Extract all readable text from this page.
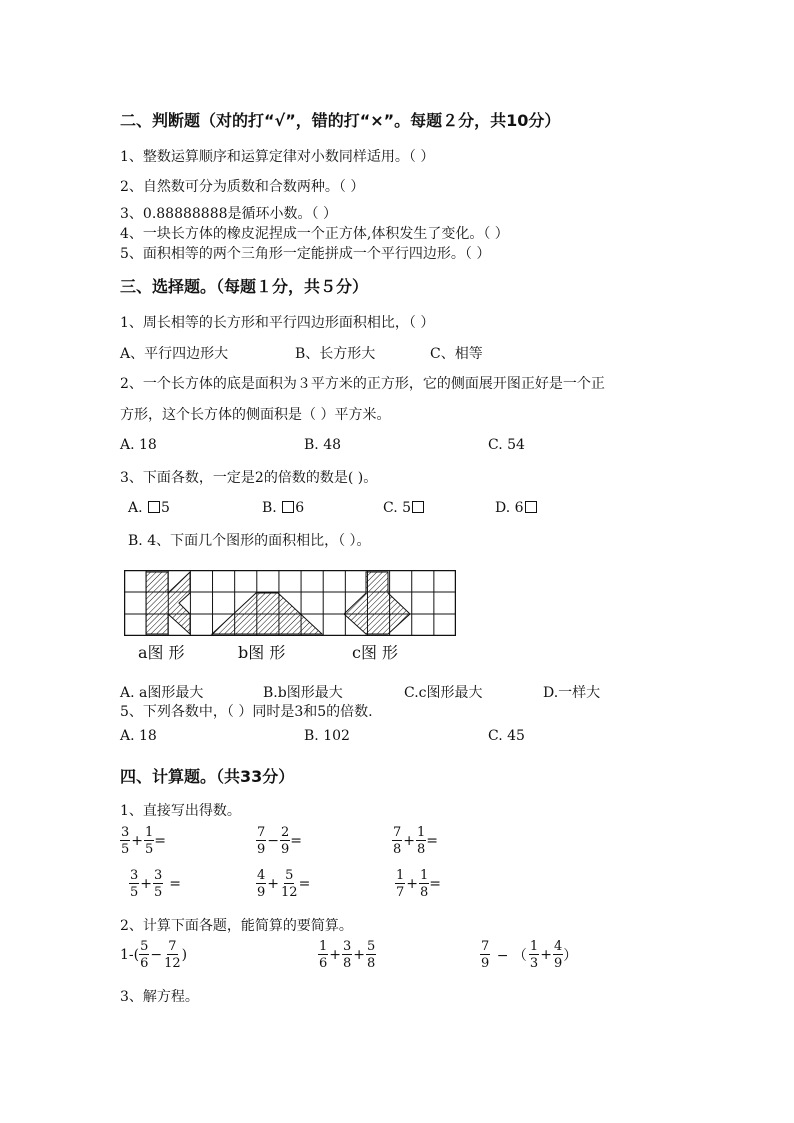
二、判断题（对的打“√”，错的打“×”。每题２分，共10分）
1、整数运算顺序和运算定律对小数同样适用。（ ）
2、自然数可分为质数和合数两种。（ ）
3、0.88888888是循环小数。（ ）
4、一块长方体的橡皮泥捏成一个正方体,体积发生了变化。（ ）
5、面积相等的两个三角形一定能拼成一个平行四边形。（ ）
三、选择题。（每题１分，共５分）
1、周长相等的长方形和平行四边形面积相比，（ ）
A、平行四边形大	B、长方形大	C、相等
2、一个长方体的底是面积为３平方米的正方形，它的侧面展开图正好是一个正
方形，这个长方体的侧面积是（ ）平方米。
A. 18	B. 48	C. 54
3、下面各数，一定是2的倍数的数是( )。
A. 5	B. 6	C. 5	D. 6
B. 4、下面几个图形的面积相比，（ ）。
a图 形	b图 形	c图 形
A. a图形最大	B.b图形最大	C.c图形最大	D.一样大
5、下列各数中，（ ）同时是3和5的倍数.
A. 18	B. 102	C. 45
四、计算题。（共33分）
1、直接写出得数。
$\frac{3}{5} + \frac{1}{5}$ =	$\frac{7}{9} - \frac{2}{9}$ =	$\frac{7}{8} + \frac{1}{8}$ =
$\frac{3}{5} + \frac{3}{5}$ =	$\frac{4}{9} + \frac{5}{12}$ =	$\frac{1}{7} + \frac{1}{8}$ =
2、计算下面各题，能简算的要简算。
$1-( \frac{5}{6} - \frac{7}{12}$ )	$\frac{1}{6} + \frac{3}{8} + \frac{5}{8}$	$\frac{7}{9}$ − （ $\frac{1}{3} + \frac{4}{9}$ ）
3、解方程。
